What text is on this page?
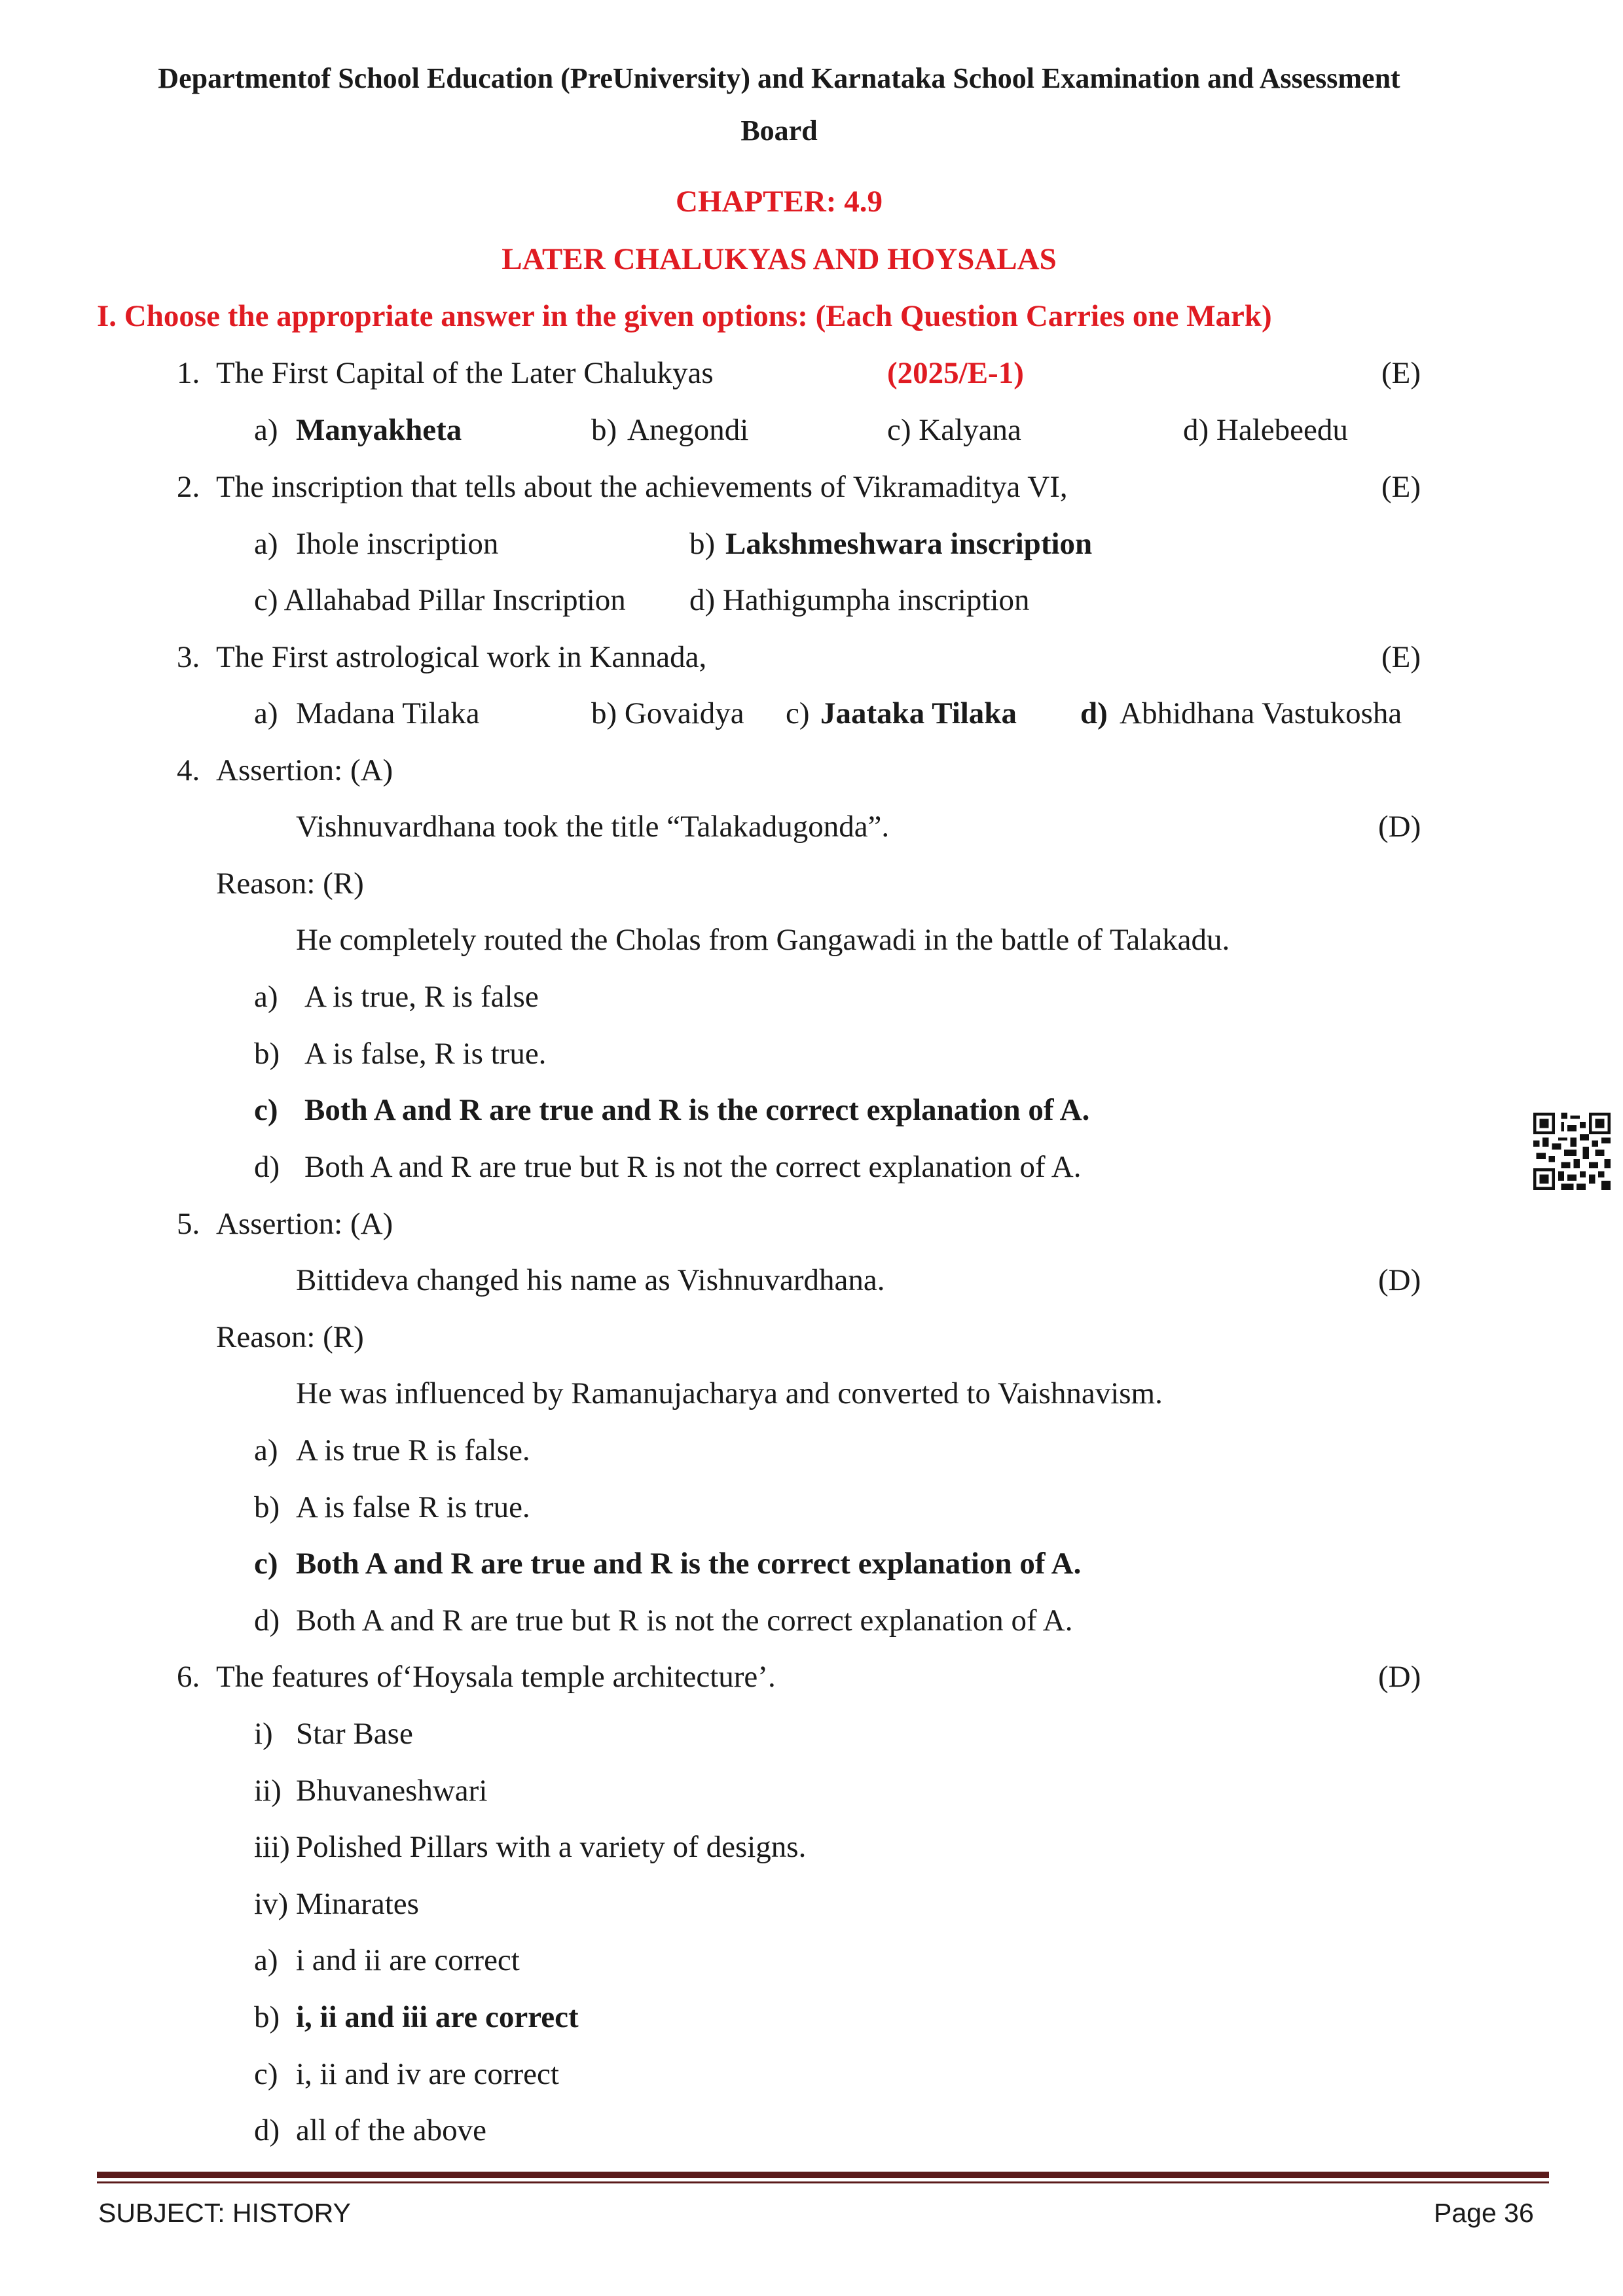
Departmentof School Education (PreUniversity) and Karnataka School Examination and Assessment
Board
CHAPTER: 4.9
LATER CHALUKYAS AND HOYSALAS
I. Choose the appropriate answer in the given options: (Each Question Carries one Mark)
1. The First Capital of the Later Chalukyas	(2025/E-1)	(E)
a) Manyakheta	b) Anegondi	c) Kalyana	d) Halebeedu
2. The inscription that tells about the achievements of Vikramaditya VI,	(E)
a) Ihole inscription	b) Lakshmeshwara inscription
c) Allahabad Pillar Inscription d) Hathigumpha inscription
3. The First astrological work in Kannada,	(E)
a) Madana Tilaka	b) Govaidya c) Jaataka Tilaka d) Abhidhana Vastukosha
4. Assertion: (A)
Vishnuvardhana took the title “Talakadugonda”.	(D)
Reason: (R)
He completely routed the Cholas from Gangawadi in the battle of Talakadu.
a) A is true, R is false
b) A is false, R is true.
c) Both A and R are true and R is the correct explanation of A.
d) Both A and R are true but R is not the correct explanation of A.
5. Assertion: (A)
Bittideva changed his name as Vishnuvardhana.	(D)
Reason: (R)
He was influenced by Ramanujacharya and converted to Vaishnavism.
a) A is true R is false.
b) A is false R is true.
c) Both A and R are true and R is the correct explanation of A.
d) Both A and R are true but R is not the correct explanation of A.
6. The features of‘Hoysala temple architecture’.	(D)
i) Star Base
ii) Bhuvaneshwari
iii) Polished Pillars with a variety of designs.
iv) Minarates
a) i and ii are correct
b) i, ii and iii are correct
c) i, ii and iv are correct
d) all of the above
SUBJECT: HISTORY	Page 36
